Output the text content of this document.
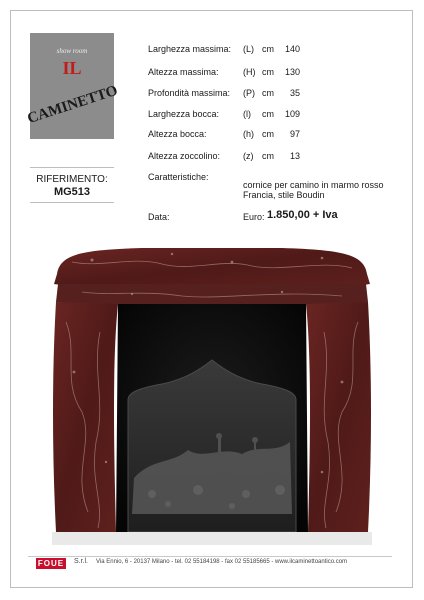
show room
IL
CAMINETTO
RIFERIMENTO:
MG513
Larghezza massima: (L) cm	140
Altezza massima:	(H) cm	130
Profondità massima: (P) cm	35
Larghezza bocca:	(l) cm	109
Altezza bocca:	(h) cm	97
Altezza zoccolino:	(z) cm	13
Caratteristiche:
cornice per camino in marmo rosso Francia, stile Boudin
Data:	Euro: 1.850,00 + Iva
FOUE S.r.l. Via Ennio, 6 - 20137 Milano - tel. 02 55184198 - fax 02 55185665 - www.ilcaminettoantico.com
